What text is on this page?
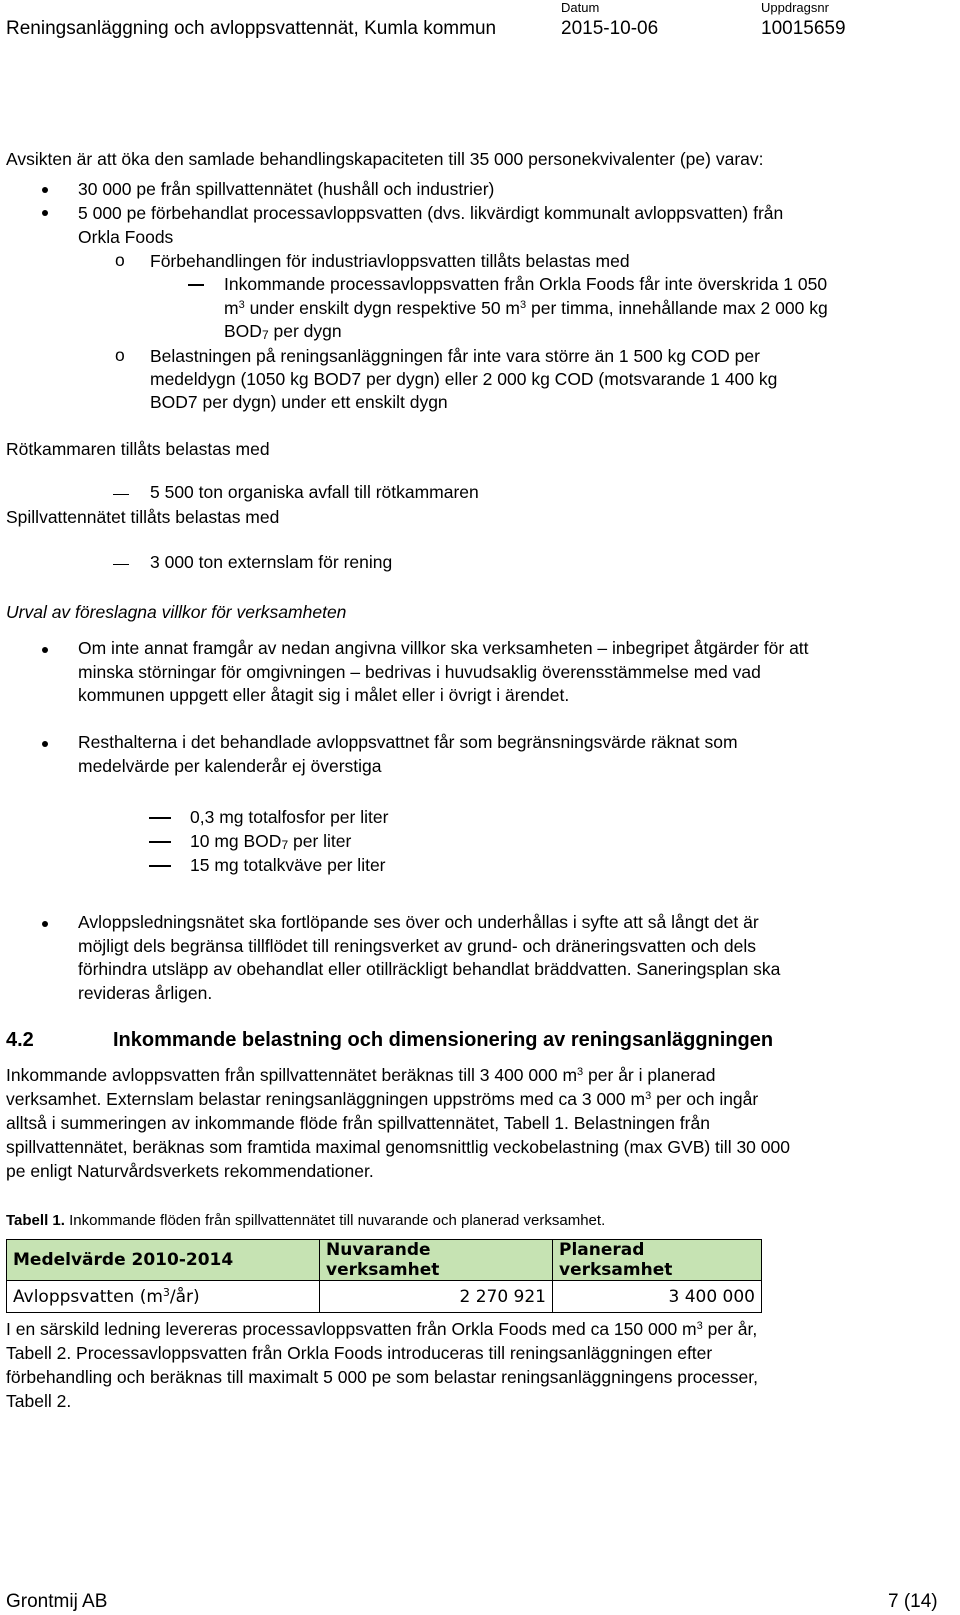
Reningsanläggning och avloppsvattennät, Kumla kommun
Datum
2015-10-06
Uppdragsnr
10015659
Avsikten är att öka den samlade behandlingskapaciteten till 35 000 personekvivalenter (pe) varav:
30 000 pe från spillvattennätet (hushåll och industrier)
5 000 pe förbehandlat processavloppsvatten (dvs. likvärdigt kommunalt avloppsvatten) från
Orkla Foods
o Förbehandlingen för industriavloppsvatten tillåts belastas med
Inkommande processavloppsvatten från Orkla Foods får inte överskrida 1 050
$m^3$ under enskilt dygn respektive 50 $m^3$ per timma, innehållande max 2 000 kg
$BOD_7$ per dygn
o Belastningen på reningsanläggningen får inte vara större än 1 500 kg COD per
medeldygn (1050 kg BOD7 per dygn) eller 2 000 kg COD (motsvarande 1 400 kg
BOD7 per dygn) under ett enskilt dygn
Rötkammaren tillåts belastas med
5 500 ton organiska avfall till rötkammaren
Spillvattennätet tillåts belastas med
3 000 ton externslam för rening
Urval av föreslagna villkor för verksamheten
Om inte annat framgår av nedan angivna villkor ska verksamheten – inbegripet åtgärder för att
minska störningar för omgivningen – bedrivas i huvudsaklig överensstämmelse med vad
kommunen uppgett eller åtagit sig i målet eller i övrigt i ärendet.
Resthalterna i det behandlade avloppsvattnet får som begränsningsvärde räknat som
medelvärde per kalenderår ej överstiga
0,3 mg totalfosfor per liter
10 mg $BOD_7$ per liter
15 mg totalkväve per liter
Avloppsledningsnätet ska fortlöpande ses över och underhållas i syfte att så långt det är
möjligt dels begränsa tillflödet till reningsverket av grund- och dräneringsvatten och dels
förhindra utsläpp av obehandlat eller otillräckligt behandlat bräddvatten. Saneringsplan ska
revideras årligen.
4.2	Inkommande belastning och dimensionering av reningsanläggningen
Inkommande avloppsvatten från spillvattennätet beräknas till 3 400 000 $m^3$ per år i planerad
verksamhet. Externslam belastar reningsanläggningen uppströms med ca 3 000 $m^3$ per och ingår
alltså i summeringen av inkommande flöde från spillvattennätet, Tabell 1. Belastningen från
spillvattennätet, beräknas som framtida maximal genomsnittlig veckobelastning (max GVB) till 30 000
pe enligt Naturvårdsverkets rekommendationer.
Tabell 1. Inkommande flöden från spillvattennätet till nuvarande och planerad verksamhet.
Medelvärde 2010-2014	Nuvarande verksamhet	Planerad verksamhet
Avloppsvatten $(m^3/år)$	2 270 921	3 400 000
I en särskild ledning levereras processavloppsvatten från Orkla Foods med ca 150 000 $m^3$ per år,
Tabell 2. Processavloppsvatten från Orkla Foods introduceras till reningsanläggningen efter
förbehandling och beräknas till maximalt 5 000 pe som belastar reningsanläggningens processer,
Tabell 2.
Grontmij AB	7 (14)
